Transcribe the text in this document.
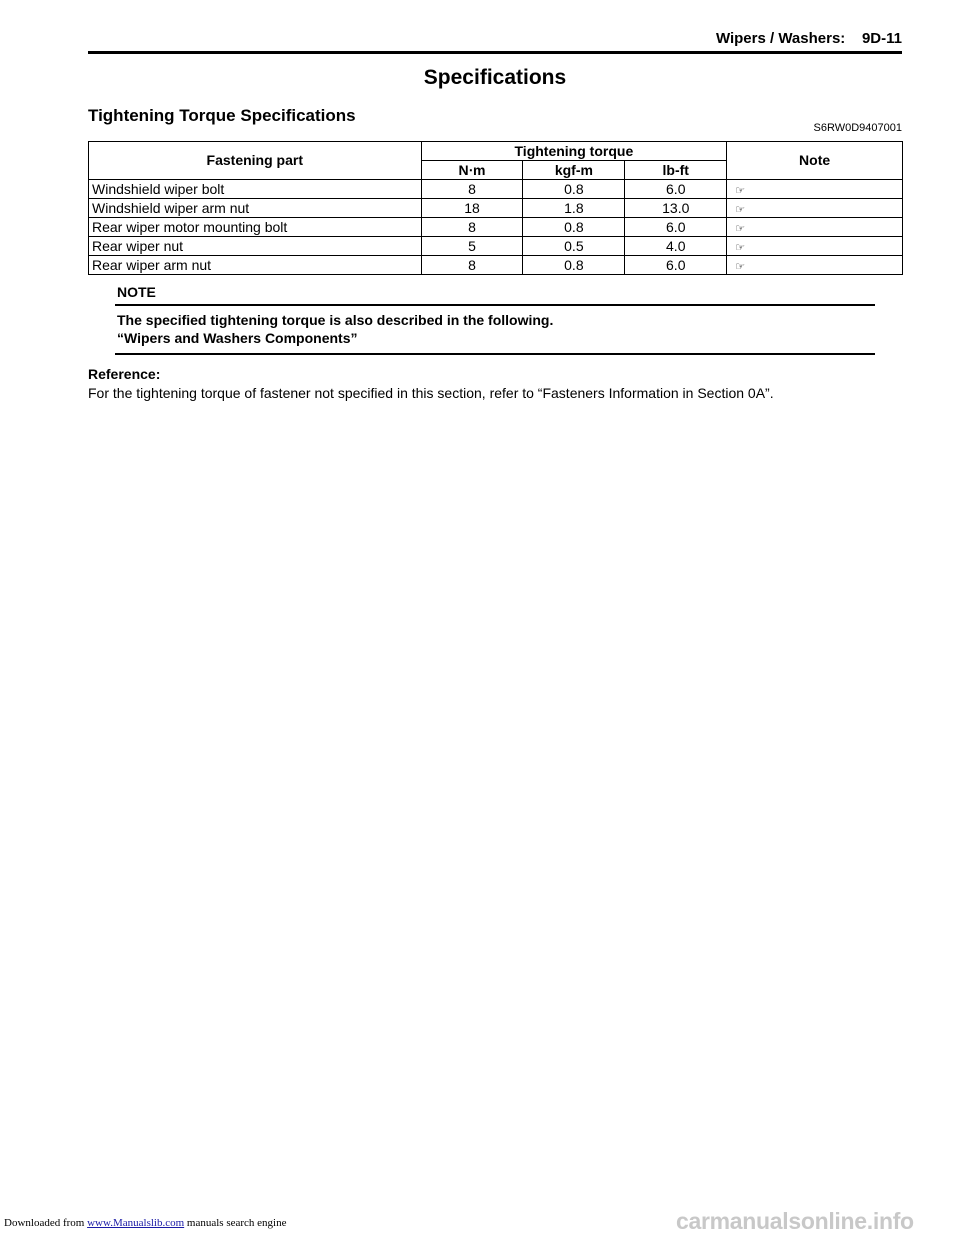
Wipers / Washers:    9D-11
Specifications
Tightening Torque Specifications
S6RW0D9407001
Fastening part	Tightening torque			Note
	N⋅m	kgf-m	lb-ft	
Windshield wiper bolt	8	0.8	6.0	☞
Windshield wiper arm nut	18	1.8	13.0	☞
Rear wiper motor mounting bolt	8	0.8	6.0	☞
Rear wiper nut	5	0.5	4.0	☞
Rear wiper arm nut	8	0.8	6.0	☞
NOTE
The specified tightening torque is also described in the following.
“Wipers and Washers Components”
Reference:
For the tightening torque of fastener not specified in this section, refer to “Fasteners Information in Section 0A”.
Downloaded from www.Manualslib.com manuals search engine	carmanualsonline.info
